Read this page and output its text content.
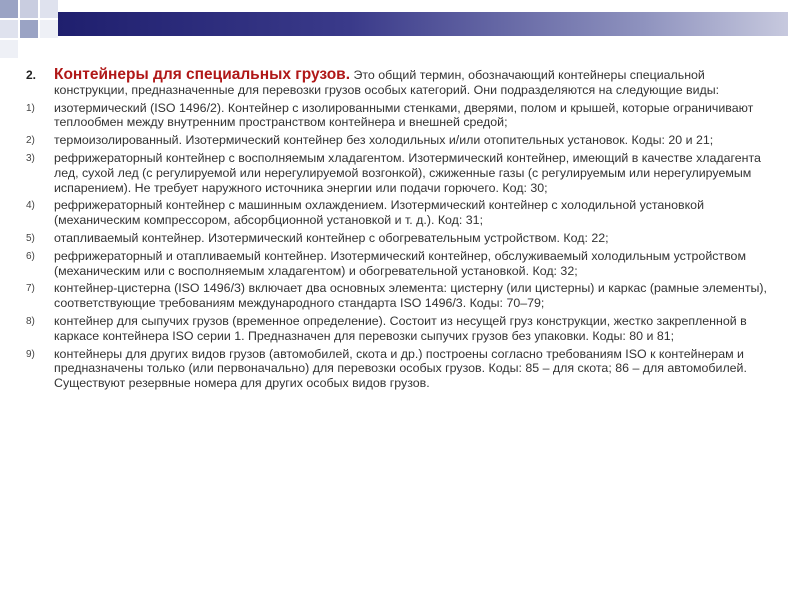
2. Контейнеры для специальных грузов. Это общий термин, обозначающий контейнеры специальной конструкции, предназначенные для перевозки грузов особых категорий. Они подразделяются на следующие виды:
1) изотермический (ISO 1496/2). Контейнер с изолированными стенками, дверями, полом и крышей, которые ограничивают теплообмен между внутренним пространством контейнера и внешней средой;
2) термоизолированный. Изотермический контейнер без холодильных и/или отопительных установок. Коды: 20 и 21;
3) рефрижераторный контейнер с восполняемым хладагентом. Изотермический контейнер, имеющий в качестве хладагента лед, сухой лед (с регулируемой или нерегулируемой возгонкой), сжиженные газы (с регулируемым или нерегулируемым испарением). Не требует наружного источника энергии или подачи горючего. Код: 30;
4) рефрижераторный контейнер с машинным охлаждением. Изотермический контейнер с холодильной установкой (механическим компрессором, абсорбционной установкой и т. д.). Код: 31;
5) отапливаемый контейнер. Изотермический контейнер с обогревательным устройством. Код: 22;
6) рефрижераторный и отапливаемый контейнер. Изотермический контейнер, обслуживаемый холодильным устройством (механическим или с восполняемым хладагентом) и обогревательной установкой. Код: 32;
7) контейнер-цистерна (ISO 1496/3) включает два основных элемента: цистерну (или цистерны) и каркас (рамные элементы), соответствующие требованиям международного стандарта ISO 1496/3. Коды: 70–79;
8) контейнер для сыпучих грузов (временное определение). Состоит из несущей груз конструкции, жестко закрепленной в каркасе контейнера ISO серии 1. Предназначен для перевозки сыпучих грузов без упаковки. Коды: 80 и 81;
9) контейнеры для других видов грузов (автомобилей, скота и др.) построены согласно требованиям ISO к контейнерам и предназначены только (или первоначально) для перевозки особых грузов. Коды: 85 – для скота; 86 – для автомобилей. Существуют резервные номера для других особых видов грузов.
